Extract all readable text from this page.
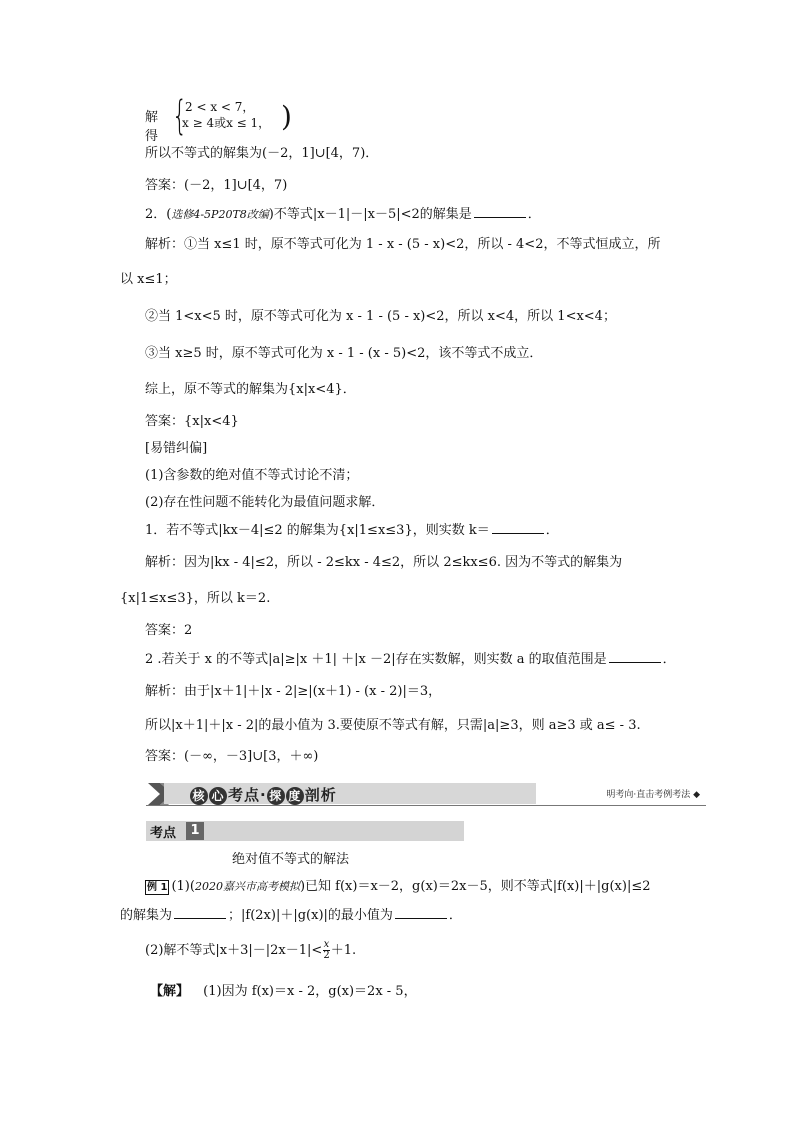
解得 {
2 < x < 7，
x ≥ 4或x ≤ 1， )
所以不等式的解集为(－2，1]∪[4，7)．
答案：(－2，1]∪[4，7)
2．(选修4-5P20T8改编)不等式|x－1|－|x－5|<2的解集是	．
解析：①当 x≤1 时，原不等式可化为 1 - x - (5 - x)<2，所以 - 4<2，不等式恒成立，所
以 x≤1；
②当 1<x<5 时，原不等式可化为 x - 1 - (5 - x)<2，所以 x<4，所以 1<x<4；
③当 x≥5 时，原不等式可化为 x - 1 - (x - 5)<2，该不等式不成立．
综上，原不等式的解集为{x|x<4}．
答案：{x|x<4}
[易错纠偏]
(1)含参数的绝对值不等式讨论不清；
(2)存在性问题不能转化为最值问题求解．
1．若不等式|kx－4|≤2 的解集为{x|1≤x≤3}，则实数 k＝	．
解析：因为|kx - 4|≤2，所以 - 2≤kx - 4≤2，所以 2≤kx≤6. 因为不等式的解集为
{x|1≤x≤3}，所以 k＝2.
答案：2
2 .若关于 x 的不等式|a|≥|x ＋1| ＋|x －2|存在实数解，则实数 a 的取值范围是	．
解析：由于|x＋1|＋|x - 2|≥|(x＋1) - (x - 2)|＝3，
所以|x＋1|＋|x - 2|的最小值为 3.要使原不等式有解，只需|a|≥3，则 a≥3 或 a≤ - 3.
答案：(－∞，－3]∪[3，＋∞)
核 心 考点· 探 度 剖析	明考向·直击考例考法 ◆
考点	1
绝对值不等式的解法
例 1 (1)(2020嘉兴市高考模拟)已知 f(x)＝x－2，g(x)＝2x－5，则不等式|f(x)|＋|g(x)|≤2
的解集为	；|f(2x)|＋|g(x)|的最小值为	．
(2)解不等式$|x+3|-|2x-1|< \frac{x}{2} +1$.
【解】 (1)因为 f(x)＝x - 2，g(x)＝2x - 5，
